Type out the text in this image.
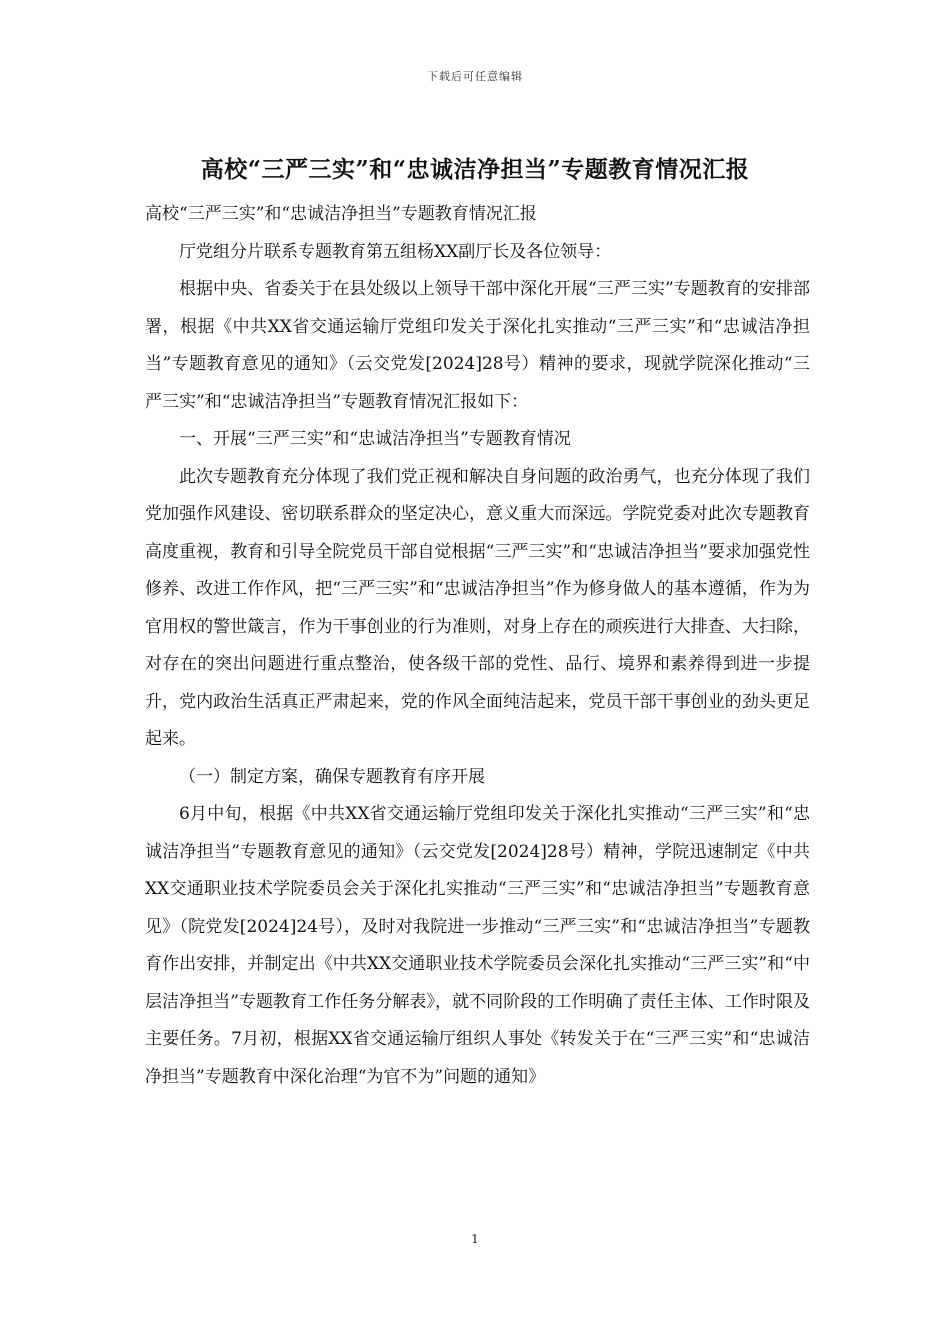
下载后可任意编辑
高校“三严三实”和“忠诚洁净担当”专题教育情况汇报

高校“三严三实”和“忠诚洁净担当”专题教育情况汇报

厅党组分片联系专题教育第五组杨XX副厅长及各位领导：

根据中央、省委关于在县处级以上领导干部中深化开展“三严三实”专题教育的安排部署，根据《中共XX省交通运输厅党组印发关于深化扎实推动“三严三实”和“忠诚洁净担当”专题教育意见的通知》（云交党发[2024]28号）精神的要求，现就学院深化推动“三严三实”和“忠诚洁净担当”专题教育情况汇报如下：

一、开展“三严三实”和“忠诚洁净担当”专题教育情况

此次专题教育充分体现了我们党正视和解决自身问题的政治勇气，也充分体现了我们党加强作风建设、密切联系群众的坚定决心，意义重大而深远。学院党委对此次专题教育高度重视，教育和引导全院党员干部自觉根据“三严三实”和“忠诚洁净担当”要求加强党性修养、改进工作作风，把“三严三实”和“忠诚洁净担当”作为修身做人的基本遵循，作为为官用权的警世箴言，作为干事创业的行为准则，对身上存在的顽疾进行大排查、大扫除，对存在的突出问题进行重点整治，使各级干部的党性、品行、境界和素养得到进一步提升，党内政治生活真正严肃起来，党的作风全面纯洁起来，党员干部干事创业的劲头更足起来。

（一）制定方案，确保专题教育有序开展

6月中旬，根据《中共XX省交通运输厅党组印发关于深化扎实推动“三严三实”和“忠诚洁净担当”专题教育意见的通知》（云交党发[2024]28号）精神，学院迅速制定《中共XX交通职业技术学院委员会关于深化扎实推动“三严三实”和“忠诚洁净担当”专题教育意见》（院党发[2024]24号），及时对我院进一步推动“三严三实”和“忠诚洁净担当”专题教育作出安排，并制定出《中共XX交通职业技术学院委员会深化扎实推动“三严三实”和“中层洁净担当”专题教育工作任务分解表》，就不同阶段的工作明确了责任主体、工作时限及主要任务。7月初，根据XX省交通运输厅组织人事处《转发关于在“三严三实”和“忠诚洁净担当”专题教育中深化治理“为官不为”问题的通知》

1
